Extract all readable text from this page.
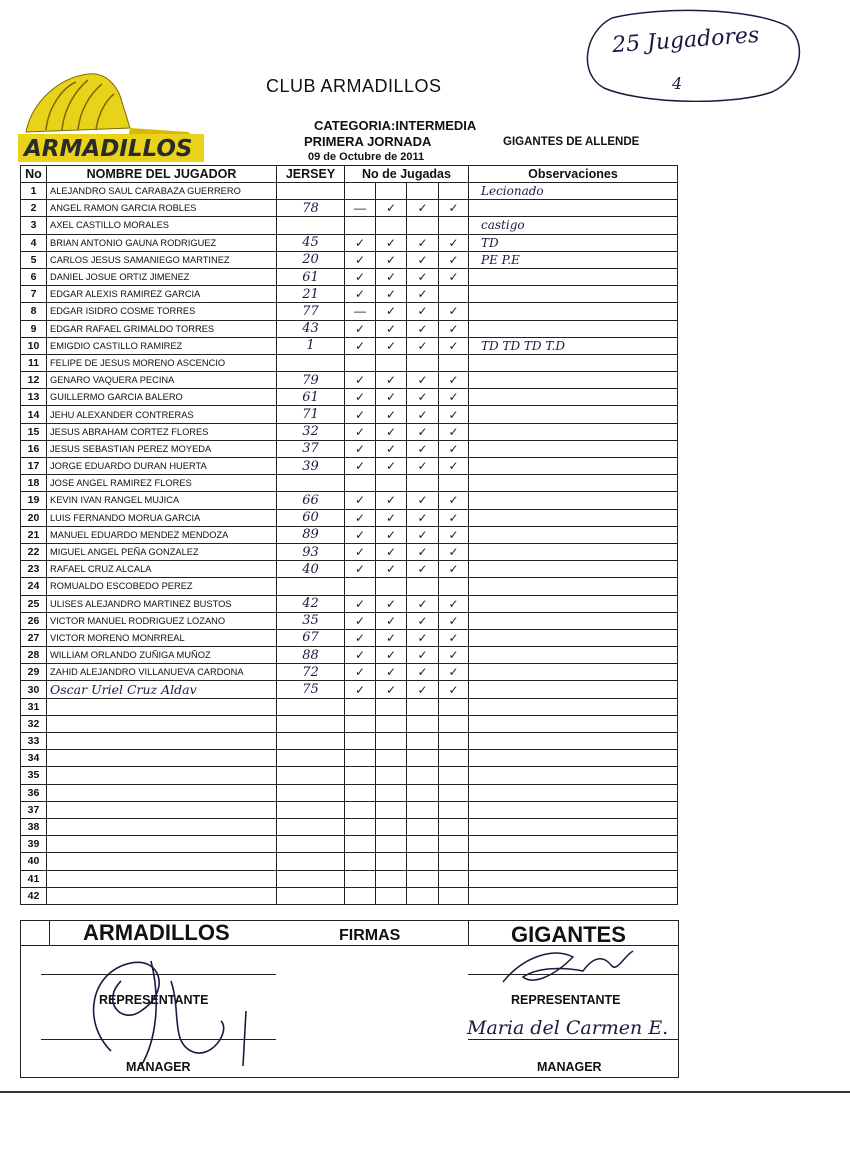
25 Jugadores
4
ARMADILLOS
CLUB ARMADILLOS
CATEGORIA:INTERMEDIA
PRIMERA JORNADA	GIGANTES DE ALLENDE
09 de Octubre de 2011
No	NOMBRE DEL JUGADOR	JERSEY	No de Jugadas				Observaciones
1	ALEJANDRO SAUL CARABAZA GUERRERO						Lecionado
2	ANGEL RAMON GARCIA ROBLES	78	—	✓	✓	✓	
3	AXEL CASTILLO MORALES						castigo
4	BRIAN ANTONIO GAUNA RODRIGUEZ	45	✓	✓	✓	✓	TD
5	CARLOS JESUS SAMANIEGO MARTINEZ	20	✓	✓	✓	✓	PE P.E
6	DANIEL JOSUE ORTIZ JIMENEZ	61	✓	✓	✓	✓	
7	EDGAR ALEXIS RAMIREZ GARCIA	21	✓	✓	✓		
8	EDGAR ISIDRO COSME TORRES	77	—	✓	✓	✓	
9	EDGAR RAFAEL GRIMALDO TORRES	43	✓	✓	✓	✓	
10	EMIGDIO CASTILLO RAMIREZ	1	✓	✓	✓	✓	TD TD TD T.D
11	FELIPE DE JESUS MORENO ASCENCIO						
12	GENARO VAQUERA PECINA	79	✓	✓	✓	✓	
13	GUILLERMO GARCIA BALERO	61	✓	✓	✓	✓	
14	JEHU ALEXANDER CONTRERAS	71	✓	✓	✓	✓	
15	JESUS ABRAHAM CORTEZ FLORES	32	✓	✓	✓	✓	
16	JESUS SEBASTIAN PEREZ MOYEDA	37	✓	✓	✓	✓	
17	JORGE EDUARDO DURAN HUERTA	39	✓	✓	✓	✓	
18	JOSE ANGEL RAMIREZ FLORES						
19	KEVIN IVAN RANGEL MUJICA	66	✓	✓	✓	✓	
20	LUIS FERNANDO MORUA GARCIA	60	✓	✓	✓	✓	
21	MANUEL EDUARDO MENDEZ MENDOZA	89	✓	✓	✓	✓	
22	MIGUEL ANGEL PEÑA GONZALEZ	93	✓	✓	✓	✓	
23	RAFAEL CRUZ ALCALA	40	✓	✓	✓	✓	
24	ROMUALDO ESCOBEDO PEREZ						
25	ULISES ALEJANDRO MARTINEZ BUSTOS	42	✓	✓	✓	✓	
26	VICTOR MANUEL RODRIGUEZ LOZANO	35	✓	✓	✓	✓	
27	VICTOR MORENO MONRREAL	67	✓	✓	✓	✓	
28	WILLIAM ORLANDO ZUÑIGA MUÑOZ	88	✓	✓	✓	✓	
29	ZAHID ALEJANDRO VILLANUEVA CARDONA	72	✓	✓	✓	✓	
30	Oscar Uriel Cruz Aldav	75	✓	✓	✓	✓	
31							
32							
33							
34							
35							
36							
37							
38							
39							
40							
41							
42							
ARMADILLOS	FIRMAS	GIGANTES
REPRESENTANTE
MANAGER
REPRESENTANTE
MANAGER
Maria del Carmen E.
